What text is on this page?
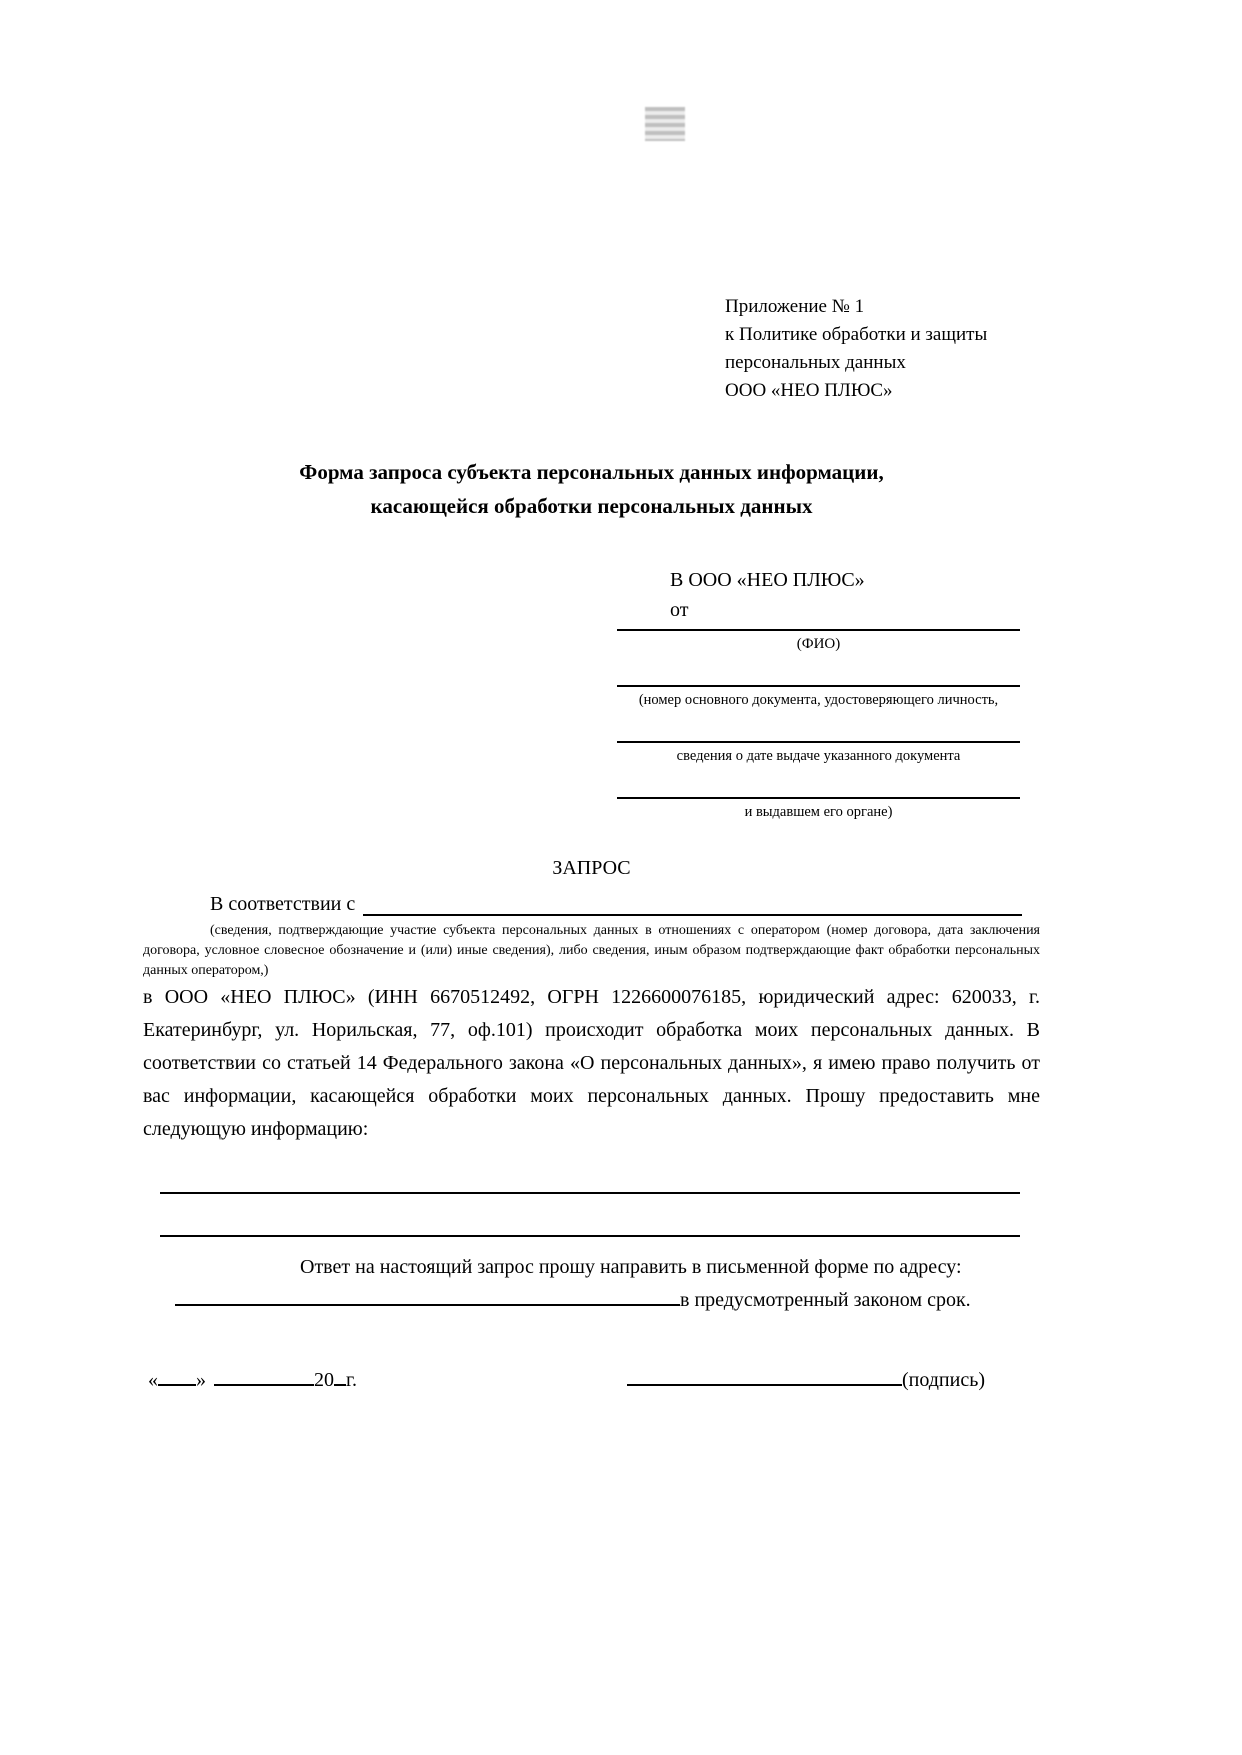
Приложение № 1
к Политике обработки и защиты
персональных данных
ООО «НЕО ПЛЮС»
Форма запроса субъекта персональных данных информации,
касающейся обработки персональных данных
В ООО «НЕО ПЛЮС»
от
(ФИО)
(номер основного документа, удостоверяющего личность,
сведения о дате выдаче указанного документа
и выдавшем его органе)
ЗАПРОС
В соответствии с

(сведения, подтверждающие участие субъекта персональных данных в отношениях с оператором (номер договора, дата заключения договора, условное словесное обозначение и (или) иные сведения), либо сведения, иным образом подтверждающие факт обработки персональных данных оператором,)

в ООО «НЕО ПЛЮС» (ИНН 6670512492, ОГРН 1226600076185, юридический адрес: 620033, г. Екатеринбург, ул. Норильская, 77, оф.101) происходит обработка моих персональных данных. В соответствии со статьей 14 Федерального закона «О персональных данных», я имею право получить от вас информации, касающейся обработки моих персональных данных. Прошу предоставить мне следующую информацию:

Ответ на настоящий запрос прошу направить в письменной форме по адресу:

в предусмотренный законом срок.

« »	20 г.	(подпись)
